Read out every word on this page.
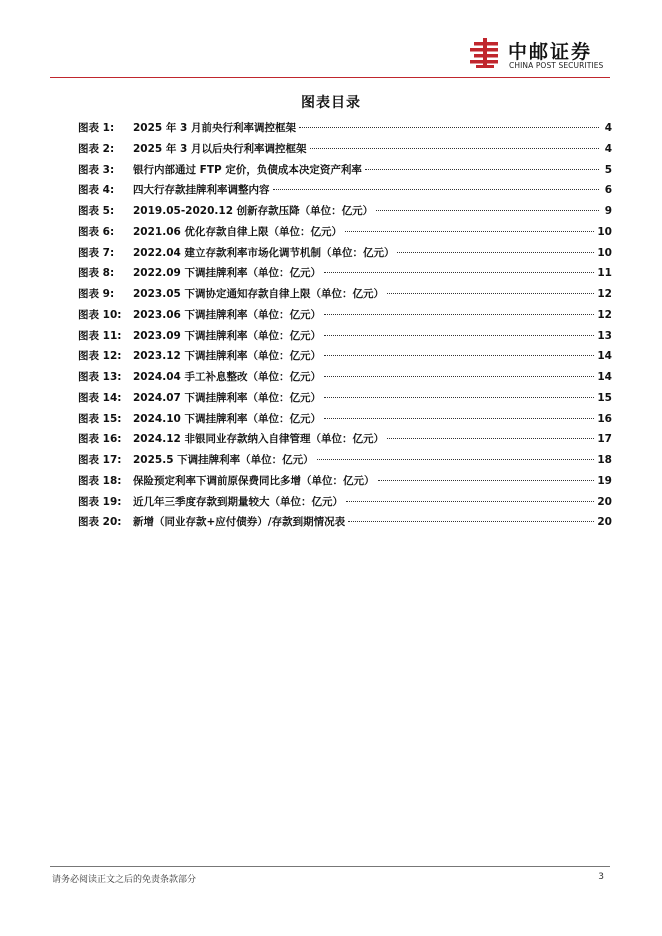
中邮证券
CHINA POST SECURITIES
图表目录
图表 1:	2025 年 3 月前央行利率调控框架	4
图表 2:	2025 年 3 月以后央行利率调控框架	4
图表 3:	银行内部通过 FTP 定价，负债成本决定资产利率	5
图表 4:	四大行存款挂牌利率调整内容	6
图表 5:	2019.05-2020.12 创新存款压降（单位：亿元）	9
图表 6:	2021.06 优化存款自律上限（单位：亿元）	10
图表 7:	2022.04 建立存款利率市场化调节机制（单位：亿元）	10
图表 8:	2022.09 下调挂牌利率（单位：亿元）	11
图表 9:	2023.05 下调协定通知存款自律上限（单位：亿元）	12
图表 10:	2023.06 下调挂牌利率（单位：亿元）	12
图表 11:	2023.09 下调挂牌利率（单位：亿元）	13
图表 12:	2023.12 下调挂牌利率（单位：亿元）	14
图表 13:	2024.04 手工补息整改（单位：亿元）	14
图表 14:	2024.07 下调挂牌利率（单位：亿元）	15
图表 15:	2024.10 下调挂牌利率（单位：亿元）	16
图表 16:	2024.12 非银同业存款纳入自律管理（单位：亿元）	17
图表 17:	2025.5 下调挂牌利率（单位：亿元）	18
图表 18:	保险预定利率下调前原保费同比多增（单位：亿元）	19
图表 19:	近几年三季度存款到期量较大（单位：亿元）	20
图表 20:	新增（同业存款+应付债券）/存款到期情况表	20
请务必阅读正文之后的免责条款部分	3
